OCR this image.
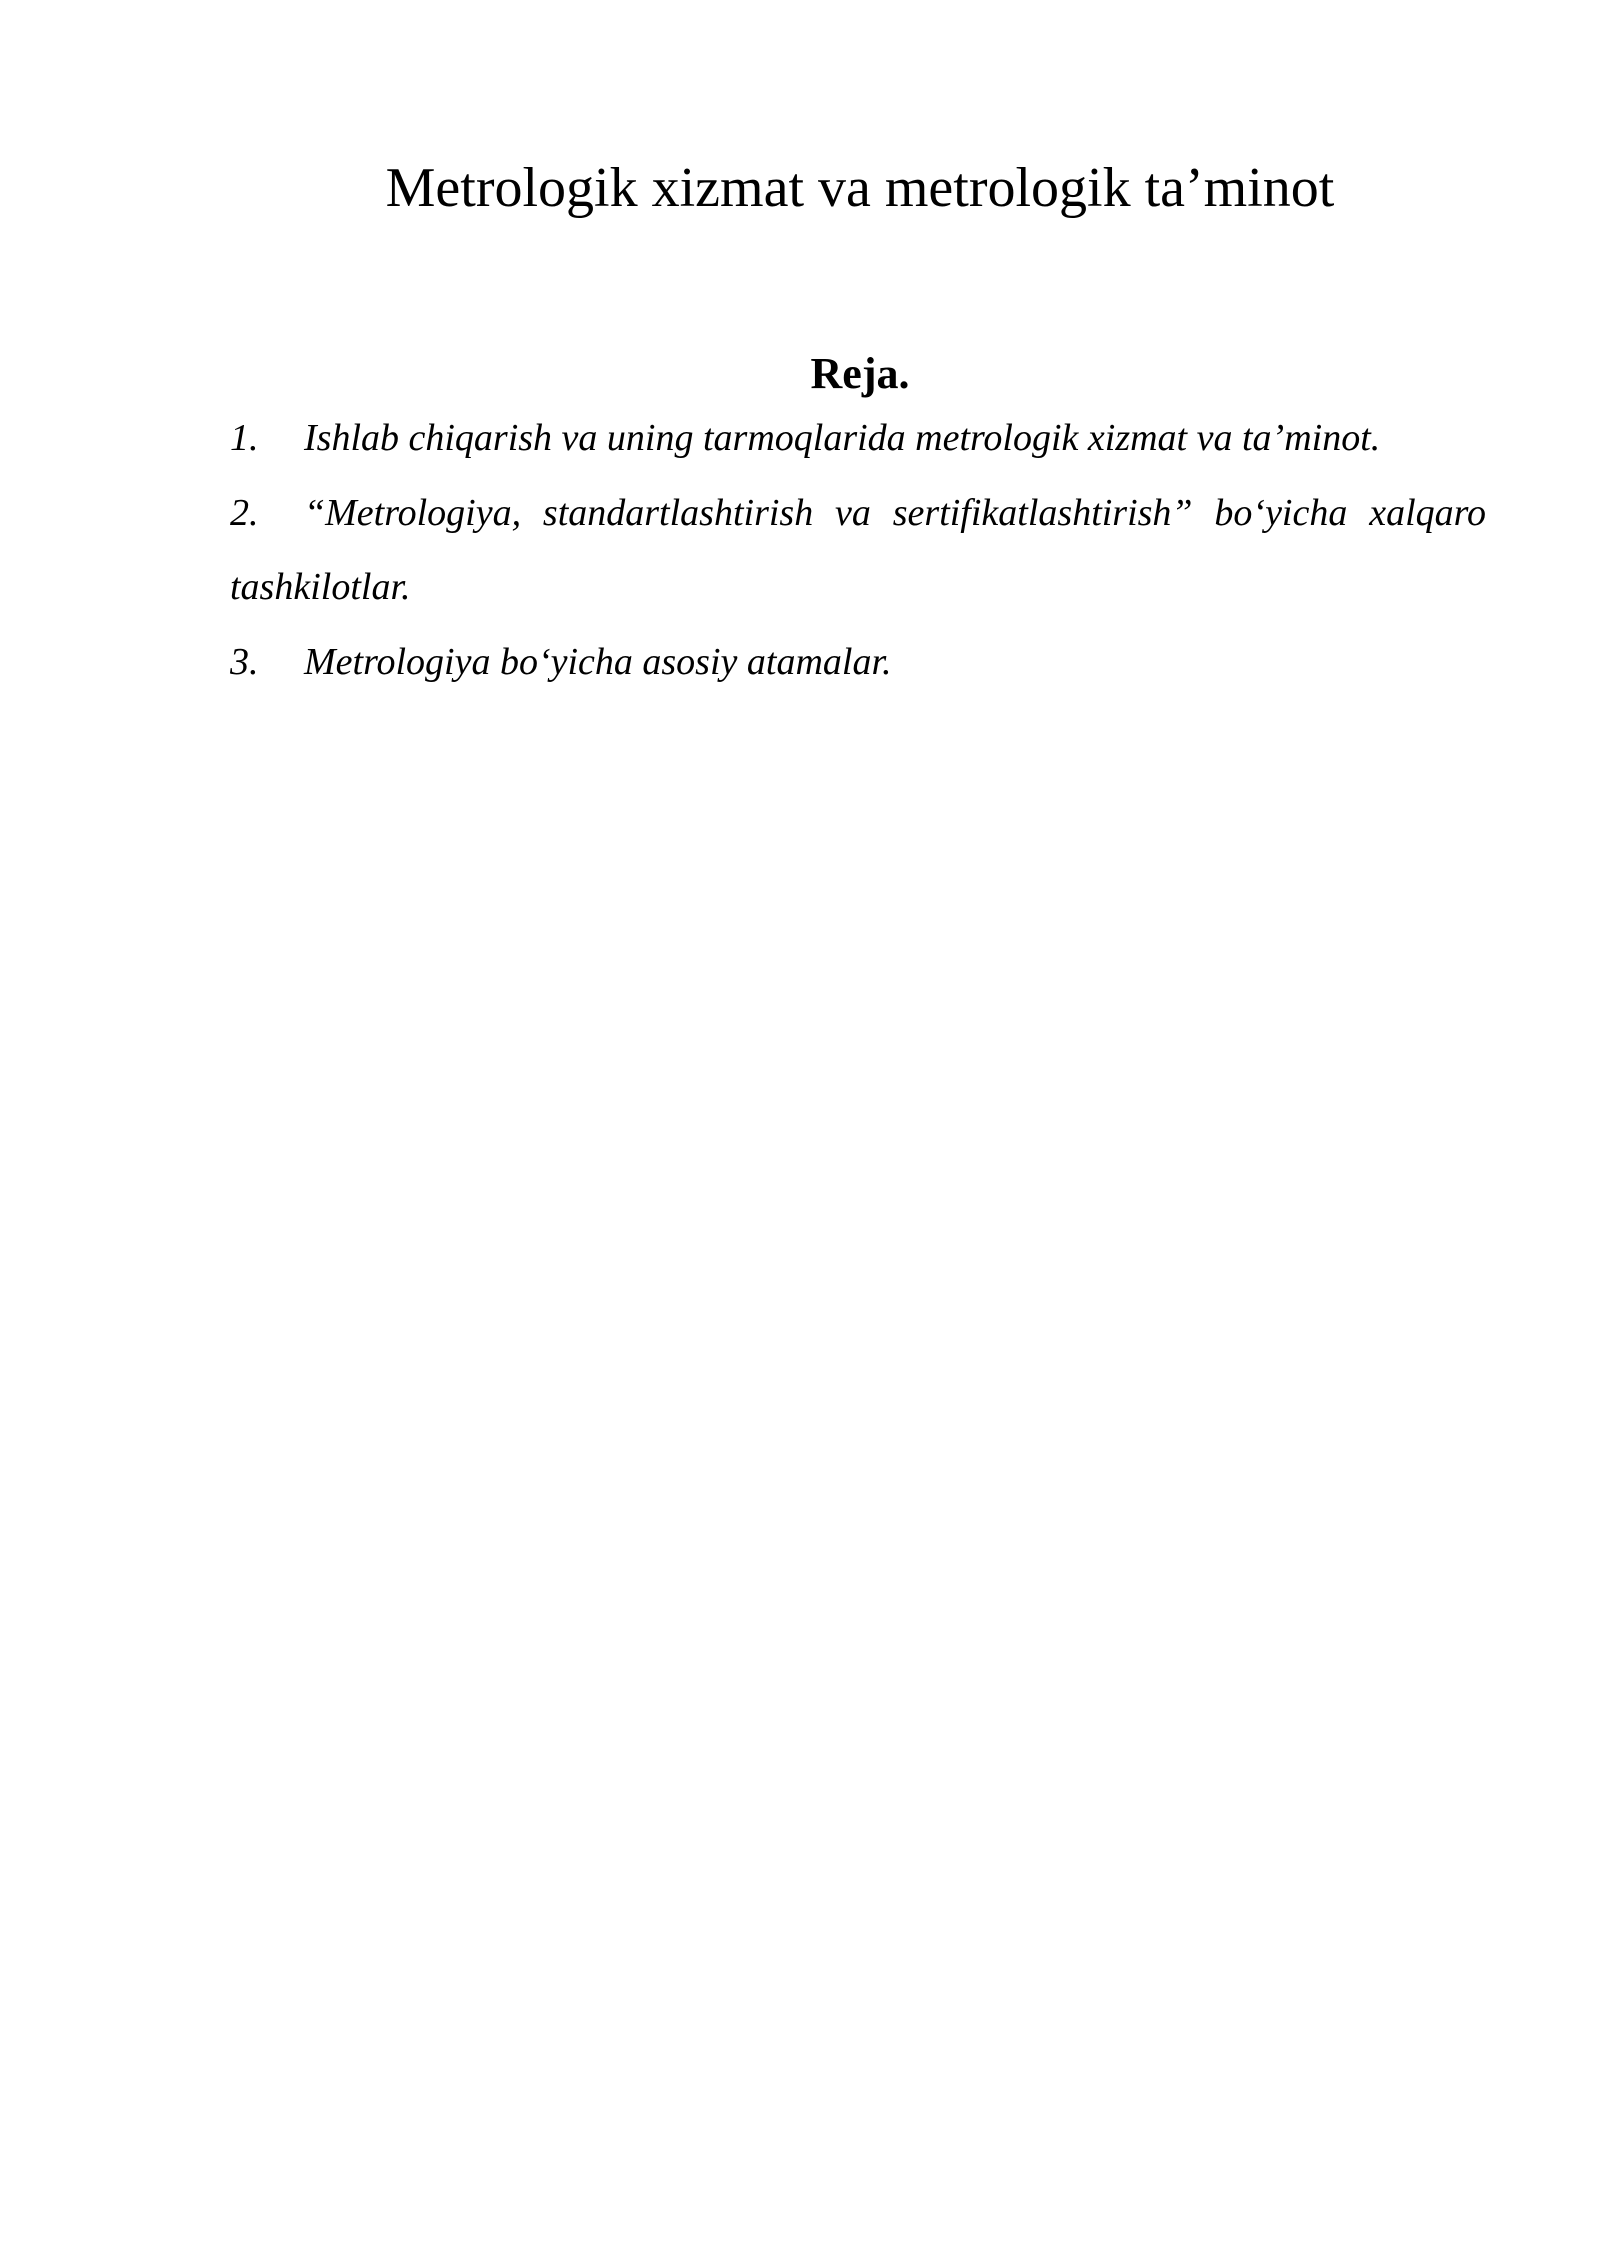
Metrologik xizmat va metrologik ta’minot
Reja.
1. Ishlab chiqarish va uning tarmoqlarida metrologik xizmat va ta’minot.
2. “Metrologiya, standartlashtirish va sertifikatlashtirish” bo‘yicha xalqaro tashkilotlar.
3. Metrologiya bo‘yicha asosiy atamalar.
